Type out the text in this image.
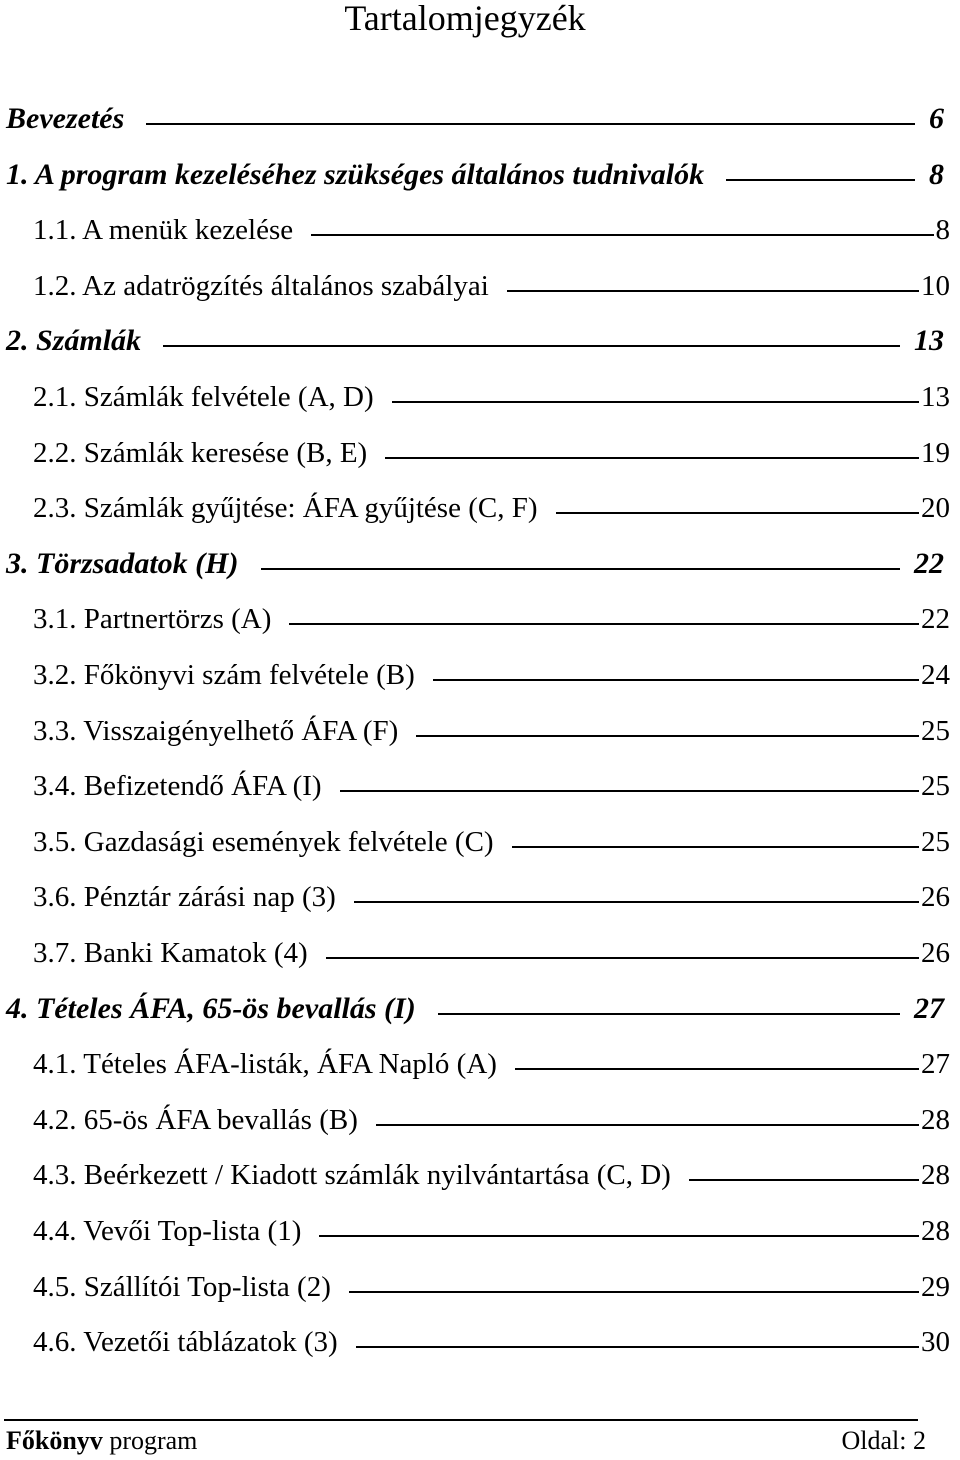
Tartalomjegyzék
Bevezetés	6
1. A program kezeléséhez szükséges általános tudnivalók	8
1.1. A menük kezelése	8
1.2. Az adatrögzítés általános szabályai	10
2. Számlák	13
2.1. Számlák felvétele (A, D)	13
2.2. Számlák keresése (B, E)	19
2.3. Számlák gyűjtése: ÁFA gyűjtése (C, F)	20
3. Törzsadatok (H)	22
3.1. Partnertörzs (A)	22
3.2. Főkönyvi szám felvétele (B)	24
3.3. Visszaigényelhető ÁFA (F)	25
3.4. Befizetendő ÁFA (I)	25
3.5. Gazdasági események felvétele (C)	25
3.6. Pénztár zárási nap (3)	26
3.7. Banki Kamatok (4)	26
4. Tételes ÁFA, 65-ös bevallás (I)	27
4.1. Tételes ÁFA-listák, ÁFA Napló (A)	27
4.2. 65-ös ÁFA bevallás (B)	28
4.3. Beérkezett / Kiadott számlák nyilvántartása (C, D)	28
4.4. Vevői Top-lista (1)	28
4.5. Szállítói Top-lista (2)	29
4.6. Vezetői táblázatok (3)	30
Főkönyv program	Oldal: 2
